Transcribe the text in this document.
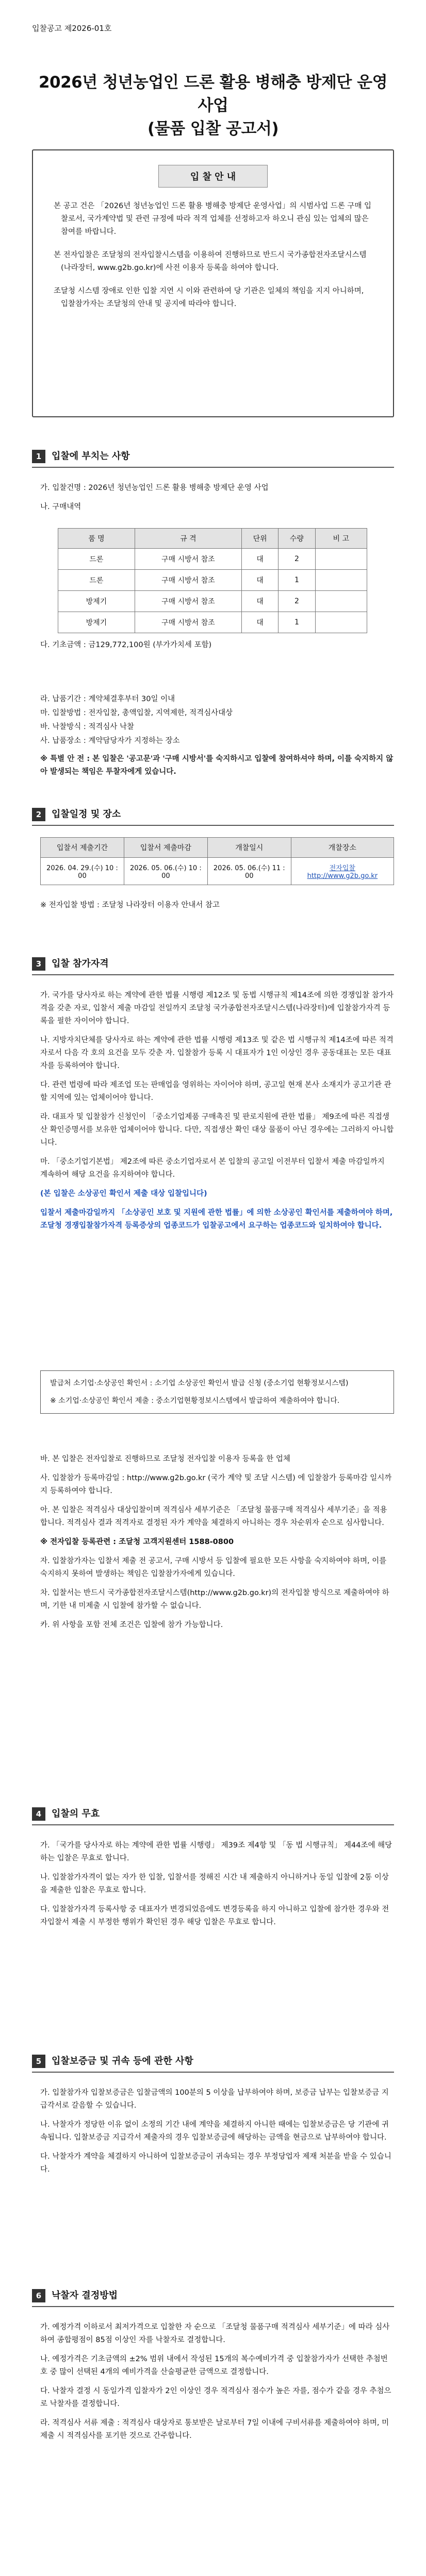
입찰공고 제2026-01호
2026년 청년농업인 드론 활용 병해충 방제단 운영 사업
(물품 입찰 공고서)
입 찰 안 내

본 공고 건은 「2026년 청년농업인 드론 활용 병해충 방제단 운영사업」의 시범사업 드론 구매 입찰로서, 국가계약법 및 관련 규정에 따라 적격 업체를 선정하고자 하오니 관심 있는 업체의 많은 참여를 바랍니다.

본 전자입찰은 조달청의 전자입찰시스템을 이용하여 진행하므로 반드시 국가종합전자조달시스템(나라장터, www.g2b.go.kr)에 사전 이용자 등록을 하여야 합니다.

조달청 시스템 장애로 인한 입찰 지연 시 이와 관련하여 당 기관은 일체의 책임을 지지 아니하며, 입찰참가자는 조달청의 안내 및 공지에 따라야 합니다.

1 입찰에 부치는 사항

가. 입찰건명 : 2026년 청년농업인 드론 활용 병해충 방제단 운영 사업

나. 구매내역

품 명	규 격	단위	수량	비 고
드론	구매 시방서 참조	대	2	
드론	구매 시방서 참조	대	1	
방제기	구매 시방서 참조	대	2	
방제기	구매 시방서 참조	대	1	

다. 기초금액 : 금129,772,100원 (부가가치세 포함)

라. 납품기간 : 계약체결후부터 30일 이내

마. 입찰방법 : 전자입찰, 총액입찰, 지역제한, 적격심사대상

바. 낙찰방식 : 적격심사 낙찰

사. 납품장소 : 계약담당자가 지정하는 장소

※ 특별 안 전 : 본 입찰은 '공고문'과 '구매 시방서'를 숙지하시고 입찰에 참여하셔야 하며, 이를 숙지하지 않아 발생되는 책임은 투찰자에게 있습니다.

2 입찰일정 및 장소
입찰서 제출기간	입찰서 제출마감	개찰일시	개찰장소
2026. 04. 29.(수) 10 : 00	2026. 05. 06.(수) 10 : 00	2026. 05. 06.(수) 11 : 00	전자입찰 http://www.g2b.go.kr

※ 전자입찰 방법 : 조달청 나라장터 이용자 안내서 참고

3 입찰 참가자격

가. 국가를 당사자로 하는 계약에 관한 법률 시행령 제12조 및 동법 시행규칙 제14조에 의한 경쟁입찰 참가자격을 갖춘 자로, 입찰서 제출 마감일 전일까지 조달청 국가종합전자조달시스템(나라장터)에 입찰참가자격 등록을 필한 자이어야 합니다.

나. 지방자치단체를 당사자로 하는 계약에 관한 법률 시행령 제13조 및 같은 법 시행규칙 제14조에 따른 적격자로서 다음 각 호의 요건을 모두 갖춘 자. 입찰참가 등록 시 대표자가 1인 이상인 경우 공동대표는 모든 대표자를 등록하여야 합니다.

다. 관련 법령에 따라 제조업 또는 판매업을 영위하는 자이어야 하며, 공고일 현재 본사 소재지가 공고기관 관할 지역에 있는 업체이어야 합니다.

라. 대표자 및 입찰참가 신청인이 「중소기업제품 구매촉진 및 판로지원에 관한 법률」 제9조에 따른 직접생산 확인증명서를 보유한 업체이어야 합니다. 다만, 직접생산 확인 대상 물품이 아닌 경우에는 그러하지 아니합니다.

마. 「중소기업기본법」 제2조에 따른 중소기업자로서 본 입찰의 공고일 이전부터 입찰서 제출 마감일까지 계속하여 해당 요건을 유지하여야 합니다.

(본 입찰은 소상공인 확인서 제출 대상 입찰입니다)

입찰서 제출마감일까지 「소상공인 보호 및 지원에 관한 법률」에 의한 소상공인 확인서를 제출하여야 하며, 조달청 경쟁입찰참가자격 등록증상의 업종코드가 입찰공고에서 요구하는 업종코드와 일치하여야 합니다.

발급처 소기업·소상공인 확인서 : 소기업 소상공인 확인서 발급 신청 (중소기업 현황정보시스템)
※ 소기업·소상공인 확인서 제출 : 중소기업현황정보시스템에서 발급하여 제출하여야 합니다.

바. 본 입찰은 전자입찰로 진행하므로 조달청 전자입찰 이용자 등록을 한 업체

사. 입찰참가 등록마감일 : http://www.g2b.go.kr (국가 계약 및 조달 시스템) 에 입찰참가 등록마감 일시까지 등록하여야 합니다.

아. 본 입찰은 적격심사 대상입찰이며 적격심사 세부기준은 「조달청 물품구매 적격심사 세부기준」을 적용합니다. 적격심사 결과 적격자로 결정된 자가 계약을 체결하지 아니하는 경우 차순위자 순으로 심사합니다.

※ 전자입찰 등록관련 : 조달청 고객지원센터 1588-0800

자. 입찰참가자는 입찰서 제출 전 공고서, 구매 시방서 등 입찰에 필요한 모든 사항을 숙지하여야 하며, 이를 숙지하지 못하여 발생하는 책임은 입찰참가자에게 있습니다.

차. 입찰서는 반드시 국가종합전자조달시스템(http://www.g2b.go.kr)의 전자입찰 방식으로 제출하여야 하며, 기한 내 미제출 시 입찰에 참가할 수 없습니다.

카. 위 사항을 포함 전체 조건은 입찰에 참가 가능합니다.

4 입찰의 무효

가. 「국가를 당사자로 하는 계약에 관한 법률 시행령」 제39조 제4항 및 「동 법 시행규칙」 제44조에 해당하는 입찰은 무효로 합니다.

나. 입찰참가자격이 없는 자가 한 입찰, 입찰서를 정해진 시간 내 제출하지 아니하거나 동일 입찰에 2통 이상을 제출한 입찰은 무효로 합니다.

다. 입찰참가자격 등록사항 중 대표자가 변경되었음에도 변경등록을 하지 아니하고 입찰에 참가한 경우와 전자입찰서 제출 시 부정한 행위가 확인된 경우 해당 입찰은 무효로 합니다.

5 입찰보증금 및 귀속 등에 관한 사항

가. 입찰참가자 입찰보증금은 입찰금액의 100분의 5 이상을 납부하여야 하며, 보증금 납부는 입찰보증금 지급각서로 갈음할 수 있습니다.

나. 낙찰자가 정당한 이유 없이 소정의 기간 내에 계약을 체결하지 아니한 때에는 입찰보증금은 당 기관에 귀속됩니다. 입찰보증금 지급각서 제출자의 경우 입찰보증금에 해당하는 금액을 현금으로 납부하여야 합니다.

다. 낙찰자가 계약을 체결하지 아니하여 입찰보증금이 귀속되는 경우 부정당업자 제재 처분을 받을 수 있습니다.

6 낙찰자 결정방법

가. 예정가격 이하로서 최저가격으로 입찰한 자 순으로 「조달청 물품구매 적격심사 세부기준」에 따라 심사하여 종합평점이 85점 이상인 자를 낙찰자로 결정합니다.

나. 예정가격은 기초금액의 ±2% 범위 내에서 작성된 15개의 복수예비가격 중 입찰참가자가 선택한 추첨번호 중 많이 선택된 4개의 예비가격을 산술평균한 금액으로 결정합니다.

다. 낙찰자 결정 시 동일가격 입찰자가 2인 이상인 경우 적격심사 점수가 높은 자를, 점수가 같을 경우 추첨으로 낙찰자를 결정합니다.

라. 적격심사 서류 제출 : 적격심사 대상자로 통보받은 날로부터 7일 이내에 구비서류를 제출하여야 하며, 미제출 시 적격심사를 포기한 것으로 간주합니다.
